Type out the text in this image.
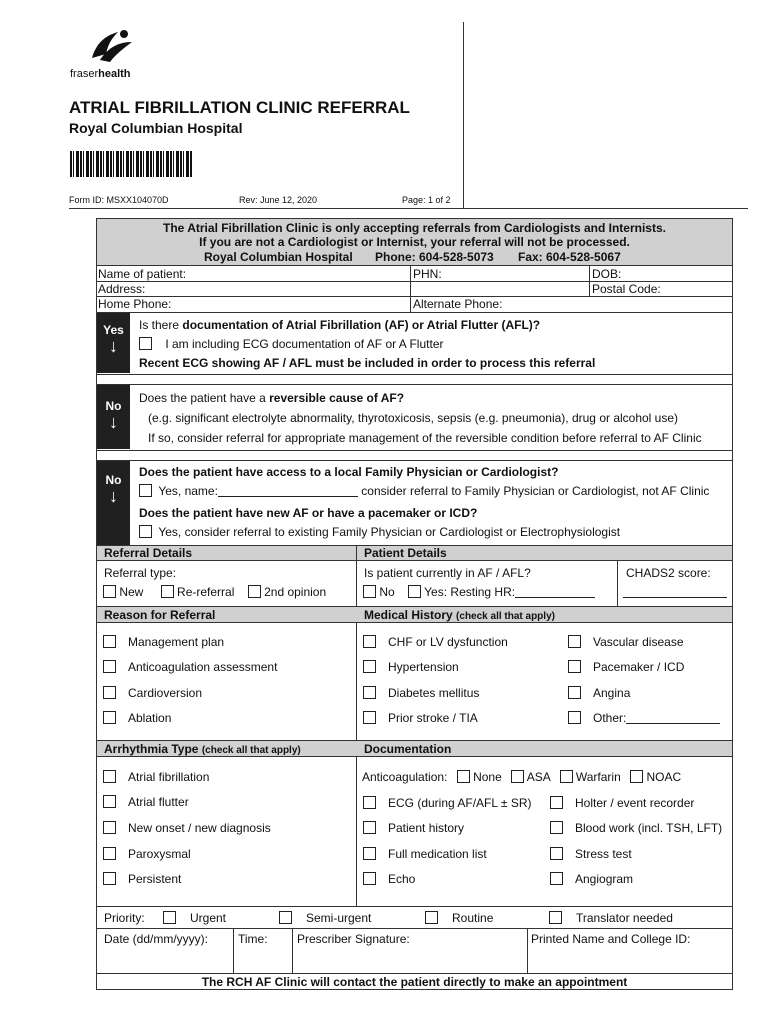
fraserhealth
ATRIAL FIBRILLATION CLINIC REFERRAL
Royal Columbian Hospital
Form ID: MSXX104070D	Rev: June 12, 2020	Page: 1 of 2
The Atrial Fibrillation Clinic is only accepting referrals from Cardiologists and Internists.
If you are not a Cardiologist or Internist, your referral will not be processed.
Royal Columbian Hospital Phone: 604-528-5073 Fax: 604-528-5067
Name of patient:	PHN:	DOB:
Address:	Postal Code:
Home Phone:	Alternate Phone:
Yes
↓
Is there documentation of Atrial Fibrillation (AF) or Atrial Flutter (AFL)?
I am including ECG documentation of AF or A Flutter
Recent ECG showing AF / AFL must be included in order to process this referral
No
↓
Does the patient have a reversible cause of AF?
(e.g. significant electrolyte abnormality, thyrotoxicosis, sepsis (e.g. pneumonia), drug or alcohol use)
If so, consider referral for appropriate management of the reversible condition before referral to AF Clinic
No
↓
Does the patient have access to a local Family Physician or Cardiologist?
Yes, name:	consider referral to Family Physician or Cardiologist, not AF Clinic
Does the patient have new AF or have a pacemaker or ICD?
Yes, consider referral to existing Family Physician or Cardiologist or Electrophysiologist
Referral Details	Patient Details
Referral type:
New	Re-referral 2nd opinion
Is patient currently in AF / AFL?
No Yes: Resting HR:
CHADS2 score:
Reason for Referral	Medical History (check all that apply)
Management plan
Anticoagulation assessment
Cardioversion
Ablation
CHF or LV dysfunction
Hypertension
Diabetes mellitus
Prior stroke / TIA
Vascular disease
Pacemaker / ICD
Angina
Other:
Arrhythmia Type (check all that apply)	Documentation
Atrial fibrillation
Atrial flutter
New onset / new diagnosis
Paroxysmal
Persistent
Anticoagulation: None ASA Warfarin NOAC
ECG (during AF/AFL ± SR)
Patient history
Full medication list
Echo
Holter / event recorder
Blood work (incl. TSH, LFT)
Stress test
Angiogram
Priority:	Urgent	Semi-urgent	Routine	Translator needed
Date (dd/mm/yyyy): Time: Prescriber Signature:	Printed Name and College ID:
The RCH AF Clinic will contact the patient directly to make an appointment
